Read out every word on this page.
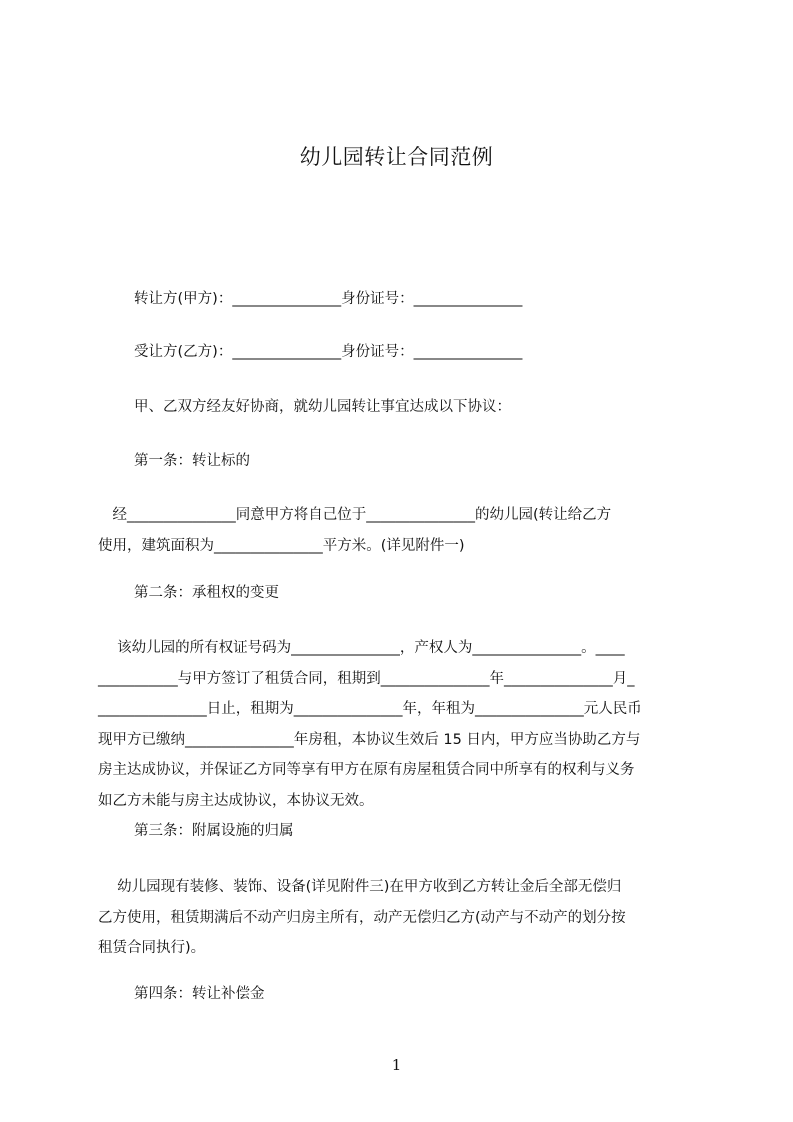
幼儿园转让合同范例
转让方(甲方)：_______________身份证号：_______________
受让方(乙方)：_______________身份证号：_______________
甲、乙双方经友好协商，就幼儿园转让事宜达成以下协议：
第一条：转让标的
　经_______________同意甲方将自己位于_______________的幼儿园(转让给乙方
使用，建筑面积为_______________平方米。(详见附件一)
第二条：承租权的变更
　 该幼儿园的所有权证号码为_______________，产权人为_______________。____
___________与甲方签订了租赁合同，租期到_______________年_______________月_
_______________日止，租期为_______________年，年租为_______________元人民币
现甲方已缴纳_______________年房租，本协议生效后 15 日内，甲方应当协助乙方与
房主达成协议，并保证乙方同等享有甲方在原有房屋租赁合同中所享有的权利与义务
如乙方未能与房主达成协议，本协议无效。
第三条：附属设施的归属
　 幼儿园现有装修、装饰、设备(详见附件三)在甲方收到乙方转让金后全部无偿归
乙方使用，租赁期满后不动产归房主所有，动产无偿归乙方(动产与不动产的划分按
租赁合同执行)。
第四条：转让补偿金
1
